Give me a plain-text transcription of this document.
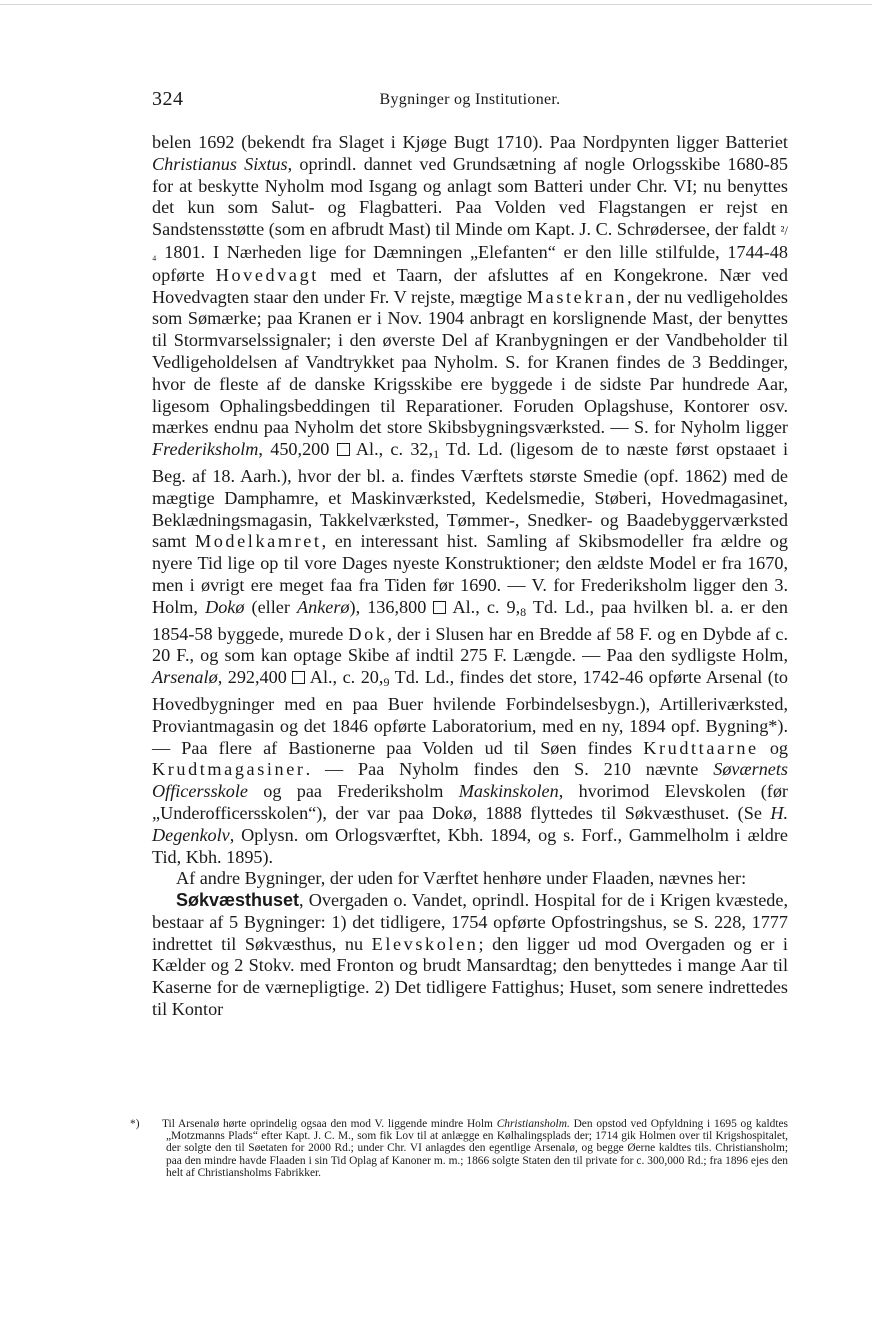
324	Bygninger og Institutioner.

belen 1692 (bekendt fra Slaget i Kjøge Bugt 1710). Paa Nordpynten ligger Batteriet Christianus Sixtus, oprindl. dannet ved Grundsætning af nogle Orlogsskibe 1680-85 for at beskytte Nyholm mod Isgang og anlagt som Batteri under Chr. VI; nu benyttes det kun som Salut- og Flagbatteri. Paa Volden ved Flagstangen er rejst en Sandstensstøtte (som en afbrudt Mast) til Minde om Kapt. J. C. Schrødersee, der faldt ²/₄ 1801. I Nærheden lige for Dæmningen „Elefanten“ er den lille stilfulde, 1744-48 opførte Hovedvagt med et Taarn, der afsluttes af en Kongekrone. Nær ved Hovedvagten staar den under Fr. V rejste, mægtige Mastekran, der nu vedligeholdes som Sømærke; paa Kranen er i Nov. 1904 anbragt en korslignende Mast, der benyttes til Stormvarselssignaler; i den øverste Del af Kranbygningen er der Vandbeholder til Vedligeholdelsen af Vandtrykket paa Nyholm. S. for Kranen findes de 3 Beddinger, hvor de fleste af de danske Krigsskibe ere byggede i de sidste Par hundrede Aar, ligesom Ophalingsbeddingen til Reparationer. Foruden Oplagshuse, Kontorer osv. mærkes endnu paa Nyholm det store Skibsbygningsværksted. — S. for Nyholm ligger Frederiksholm, 450,200  Al., c. $32,_1$ Td. Ld. (ligesom de to næste først opstaaet i Beg. af 18. Aarh.), hvor der bl. a. findes Værftets største Smedie (opf. 1862) med de mægtige Damphamre, et Maskinværksted, Kedelsmedie, Støberi, Hovedmagasinet, Beklædningsmagasin, Takkelværksted, Tømmer-, Snedker- og Baadebyggerværksted samt Modelkamret, en interessant hist. Samling af Skibsmodeller fra ældre og nyere Tid lige op til vore Dages nyeste Konstruktioner; den ældste Model er fra 1670, men i øvrigt ere meget faa fra Tiden før 1690. — V. for Frederiksholm ligger den 3. Holm, Dokø (eller Ankerø), 136,800  Al., c. $9,_8$ Td. Ld., paa hvilken bl. a. er den 1854-58 byggede, murede Dok, der i Slusen har en Bredde af 58 F. og en Dybde af c. 20 F., og som kan optage Skibe af indtil 275 F. Længde. — Paa den sydligste Holm, Arsenalø, 292,400  Al., c. $20,_9$ Td. Ld., findes det store, 1742-46 opførte Arsenal (to Hovedbygninger med en paa Buer hvilende Forbindelsesbygn.), Artilleriværksted, Proviantmagasin og det 1846 opførte Laboratorium, med en ny, 1894 opf. Bygning*). — Paa flere af Bastionerne paa Volden ud til Søen findes Krudttaarne og Krudtmagasiner. — Paa Nyholm findes den S. 210 nævnte Søværnets Officersskole og paa Frederiksholm Maskinskolen, hvorimod Elevskolen (før „Underofficersskolen“), der var paa Dokø, 1888 flyttedes til Søkvæsthuset. (Se H. Degenkolv, Oplysn. om Orlogsværftet, Kbh. 1894, og s. Forf., Gammelholm i ældre Tid, Kbh. 1895).

Af andre Bygninger, der uden for Værftet henhøre under Flaaden, nævnes her:

Søkvæsthuset, Overgaden o. Vandet, oprindl. Hospital for de i Krigen kvæstede, bestaar af 5 Bygninger: 1) det tidligere, 1754 opførte Opfostringshus, se S. 228, 1777 indrettet til Søkvæsthus, nu Elevskolen; den ligger ud mod Overgaden og er i Kælder og 2 Stokv. med Fronton og brudt Mansardtag; den benyttedes i mange Aar til Kaserne for de værnepligtige. 2) Det tidligere Fattighus; Huset, som senere indrettedes til Kontor

*) Til Arsenalø hørte oprindelig ogsaa den mod V. liggende mindre Holm Christiansholm. Den opstod ved Opfyldning i 1695 og kaldtes „Motzmanns Plads“ efter Kapt. J. C. M., som fik Lov til at anlægge en Kølhalingsplads der; 1714 gik Holmen over til Krigshospitalet, der solgte den til Søetaten for 2000 Rd.; under Chr. VI anlagdes den egentlige Arsenalø, og begge Øerne kaldtes tils. Christiansholm; paa den mindre havde Flaaden i sin Tid Oplag af Kanoner m. m.; 1866 solgte Staten den til private for c. 300,000 Rd.; fra 1896 ejes den helt af Christiansholms Fabrikker.
